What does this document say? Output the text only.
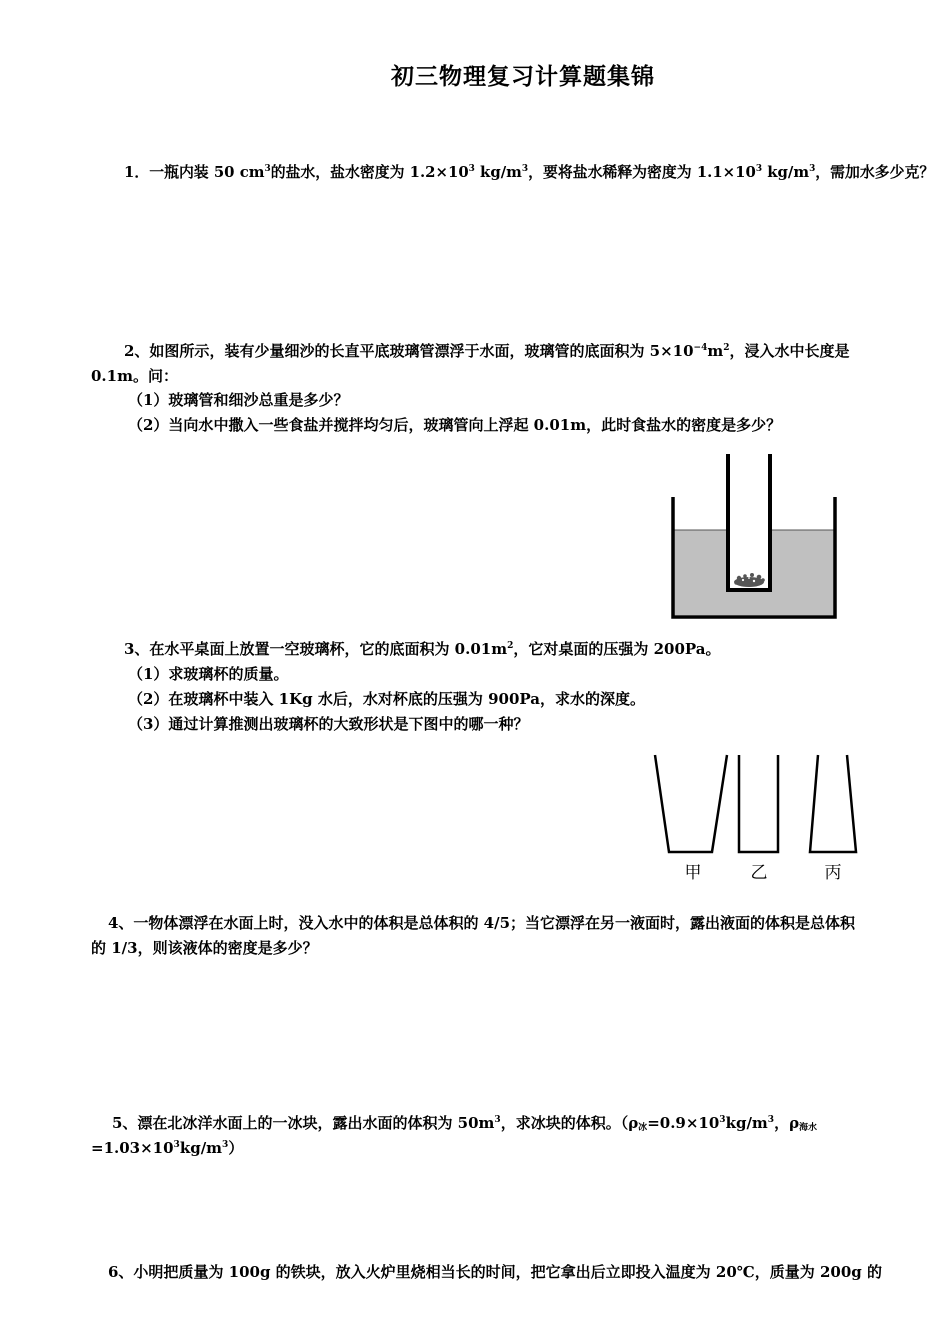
初三物理复习计算题集锦
1．一瓶内装 50 $cm^3$的盐水，盐水密度为 $1.2\times 10^3$ $kg/m^3$，要将盐水稀释为密度为 $1.1\times 10^3$ $kg/m^3$，需加水多少克？
2、如图所示，装有少量细沙的长直平底玻璃管漂浮于水面，玻璃管的底面积为 $5\times 10^{-4}m^2$，浸入水中长度是
0.1m。问：
（1）玻璃管和细沙总重是多少？
（2）当向水中撒入一些食盐并搅拌均匀后，玻璃管向上浮起 0.01m，此时食盐水的密度是多少？
3、在水平桌面上放置一空玻璃杯，它的底面积为 $0.01m^2$，它对桌面的压强为 200Pa。
（1）求玻璃杯的质量。
（2）在玻璃杯中装入 1Kg 水后，水对杯底的压强为 900Pa，求水的深度。
（3）通过计算推测出玻璃杯的大致形状是下图中的哪一种？
甲	乙	丙
4、一物体漂浮在水面上时，没入水中的体积是总体积的 4/5；当它漂浮在另一液面时，露出液面的体积是总体积
的 1/3，则该液体的密度是多少？
5、漂在北冰洋水面上的一冰块，露出水面的体积为 $50m^3$，求冰块的体积。（$\rho_冰=0.9\times 10^3kg/m^3$，$\rho_{海水}$
$=1.03\times 10^3kg/m^3$）
6、小明把质量为 100g 的铁块，放入火炉里烧相当长的时间，把它拿出后立即投入温度为 20℃，质量为 200g 的
